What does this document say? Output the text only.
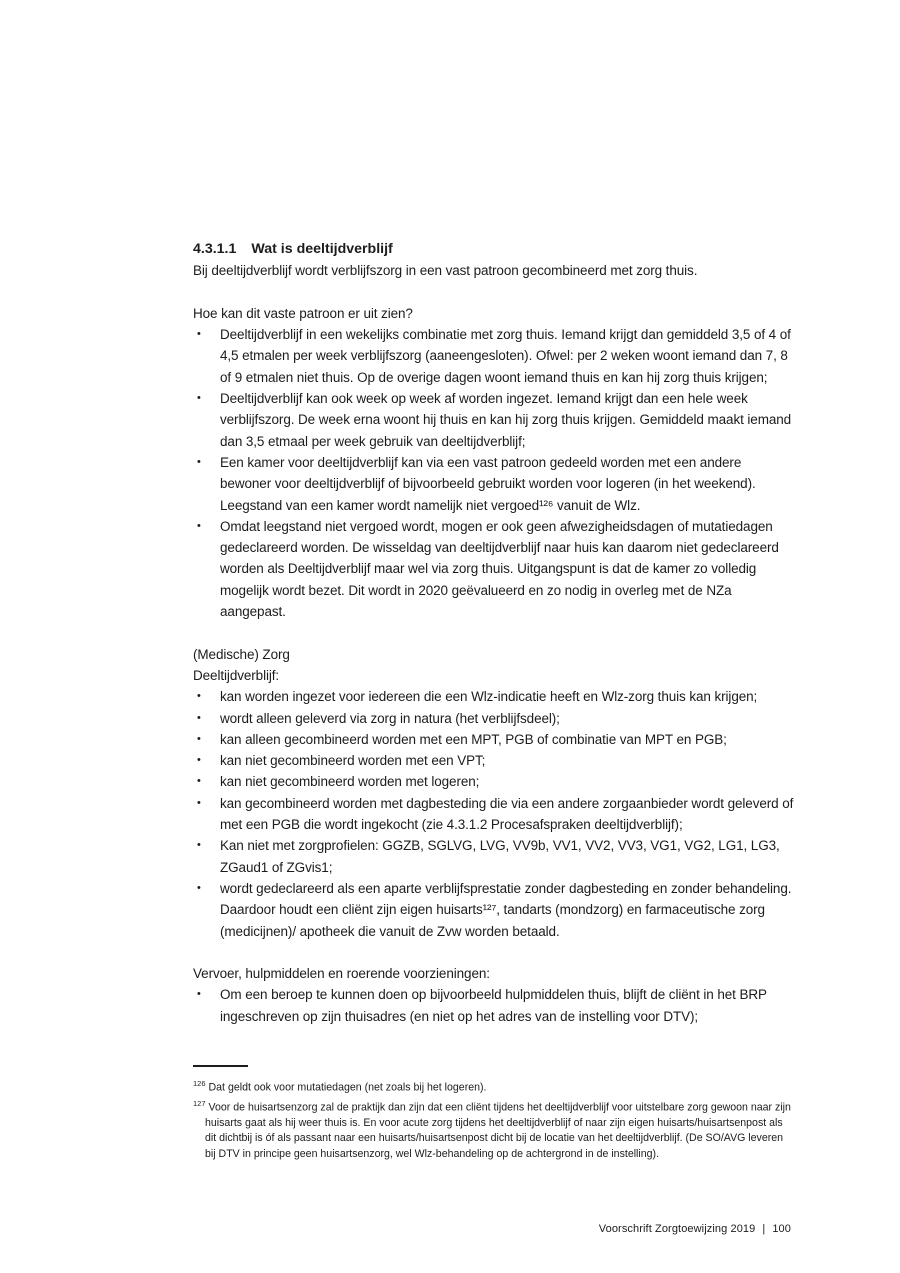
4.3.1.1 Wat is deeltijdverblijf
Bij deeltijdverblijf wordt verblijfszorg in een vast patroon gecombineerd met zorg thuis.
Hoe kan dit vaste patroon er uit zien?
•	Deeltijdverblijf in een wekelijks combinatie met zorg thuis. Iemand krijgt dan gemiddeld 3,5 of 4 of 4,5 etmalen per week verblijfszorg (aaneengesloten). Ofwel: per 2 weken woont iemand dan 7, 8 of 9 etmalen niet thuis. Op de overige dagen woont iemand thuis en kan hij zorg thuis krijgen;
•	Deeltijdverblijf kan ook week op week af worden ingezet. Iemand krijgt dan een hele week verblijfszorg. De week erna woont hij thuis en kan hij zorg thuis krijgen. Gemiddeld maakt iemand dan 3,5 etmaal per week gebruik van deeltijdverblijf;
•	Een kamer voor deeltijdverblijf kan via een vast patroon gedeeld worden met een andere bewoner voor deeltijdverblijf of bijvoorbeeld gebruikt worden voor logeren (in het weekend). Leegstand van een kamer wordt namelijk niet vergoed¹²⁶ vanuit de Wlz.
•	Omdat leegstand niet vergoed wordt, mogen er ook geen afwezigheidsdagen of mutatiedagen gedeclareerd worden. De wisseldag van deeltijdverblijf naar huis kan daarom niet gedeclareerd worden als Deeltijdverblijf maar wel via zorg thuis. Uitgangspunt is dat de kamer zo volledig mogelijk wordt bezet. Dit wordt in 2020 geëvalueerd en zo nodig in overleg met de NZa aangepast.
(Medische) Zorg
Deeltijdverblijf:
•	kan worden ingezet voor iedereen die een Wlz-indicatie heeft en Wlz-zorg thuis kan krijgen;
•	wordt alleen geleverd via zorg in natura (het verblijfsdeel);
•	kan alleen gecombineerd worden met een MPT, PGB of combinatie van MPT en PGB;
•	kan niet gecombineerd worden met een VPT;
•	kan niet gecombineerd worden met logeren;
•	kan gecombineerd worden met dagbesteding die via een andere zorgaanbieder wordt geleverd of met een PGB die wordt ingekocht (zie 4.3.1.2 Procesafspraken deeltijdverblijf);
•	Kan niet met zorgprofielen: GGZB, SGLVG, LVG, VV9b, VV1, VV2, VV3, VG1, VG2, LG1, LG3, ZGaud1 of ZGvis1;
•	wordt gedeclareerd als een aparte verblijfsprestatie zonder dagbesteding en zonder behandeling. Daardoor houdt een cliënt zijn eigen huisarts¹²⁷, tandarts (mondzorg) en farmaceutische zorg (medicijnen)/ apotheek die vanuit de Zvw worden betaald.
Vervoer, hulpmiddelen en roerende voorzieningen:
•	Om een beroep te kunnen doen op bijvoorbeeld hulpmiddelen thuis, blijft de cliënt in het BRP ingeschreven op zijn thuisadres (en niet op het adres van de instelling voor DTV);
$^{126}$ Dat geldt ook voor mutatiedagen (net zoals bij het logeren).
$^{127}$ Voor de huisartsenzorg zal de praktijk dan zijn dat een cliënt tijdens het deeltijdverblijf voor uitstelbare zorg gewoon naar zijn huisarts gaat als hij weer thuis is. En voor acute zorg tijdens het deeltijdverblijf of naar zijn eigen huisarts/huisartsenpost als dit dichtbij is óf als passant naar een huisarts/huisartsenpost dicht bij de locatie van het deeltijdverblijf. (De SO/AVG leveren bij DTV in principe geen huisartsenzorg, wel Wlz-behandeling op de achtergrond in de instelling).
Voorschrift Zorgtoewijzing 2019 | 100
